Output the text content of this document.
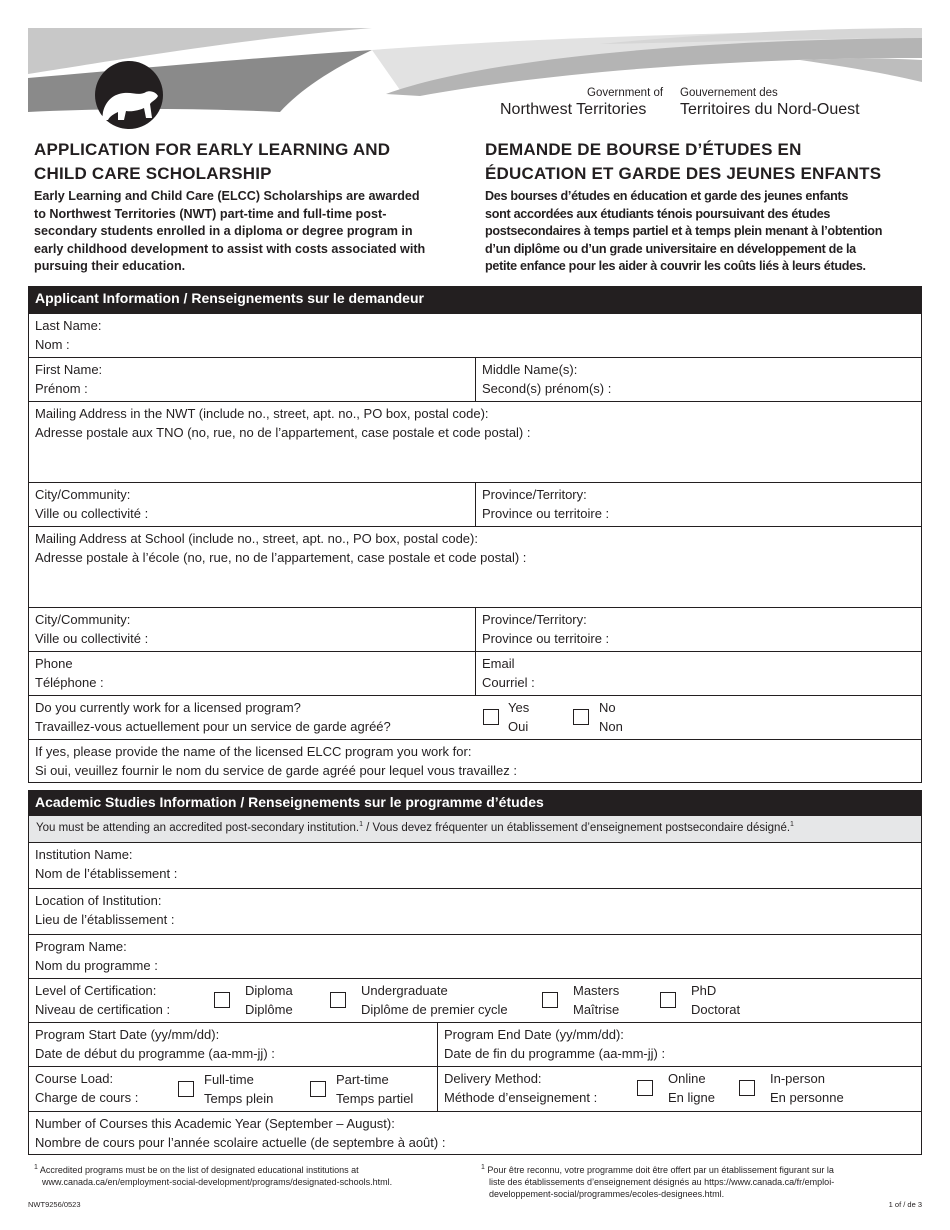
Government of
Northwest Territories
Gouvernement des
Territoires du Nord-Ouest
APPLICATION FOR EARLY LEARNING AND
CHILD CARE SCHOLARSHIP
DEMANDE DE BOURSE D’ÉTUDES EN
ÉDUCATION ET GARDE DES JEUNES ENFANTS
Early Learning and Child Care (ELCC) Scholarships are awarded
to Northwest Territories (NWT) part-time and full-time post-
secondary students enrolled in a diploma or degree program in
early childhood development to assist with costs associated with
pursuing their education.
Des bourses d’études en éducation et garde des jeunes enfants
sont accordées aux étudiants ténois poursuivant des études
postsecondaires à temps partiel et à temps plein menant à l’obtention
d’un diplôme ou d’un grade universitaire en développement de la
petite enfance pour les aider à couvrir les coûts liés à leurs études.
Applicant Information / Renseignements sur le demandeur
Last Name:
Nom :
First Name:
Prénom :
Middle Name(s):
Second(s) prénom(s) :
Mailing Address in the NWT (include no., street, apt. no., PO box, postal code):
Adresse postale aux TNO (no, rue, no de l’appartement, case postale et code postal) :
City/Community:
Ville ou collectivité :
Province/Territory:
Province ou territoire :
Mailing Address at School (include no., street, apt. no., PO box, postal code):
Adresse postale à l’école (no, rue, no de l’appartement, case postale et code postal) :
City/Community:
Ville ou collectivité :
Province/Territory:
Province ou territoire :
Phone
Téléphone :
Email
Courriel :
Do you currently work for a licensed program?
Travaillez-vous actuellement pour un service de garde agréé?
Yes
Oui
No
Non
If yes, please provide the name of the licensed ELCC program you work for:
Si oui, veuillez fournir le nom du service de garde agréé pour lequel vous travaillez :
Academic Studies Information / Renseignements sur le programme d’études
You must be attending an accredited post-secondary institution.$^1$ / Vous devez fréquenter un établissement d’enseignement postsecondaire désigné.$^1$
Institution Name:
Nom de l’établissement :
Location of Institution:
Lieu de l’établissement :
Program Name:
Nom du programme :
Level of Certification:
Niveau de certification :
Diploma
Diplôme
Undergraduate
Diplôme de premier cycle
Masters
Maîtrise
PhD
Doctorat
Program Start Date (yy/mm/dd):
Date de début du programme (aa-mm-jj) :
Program End Date (yy/mm/dd):
Date de fin du programme (aa-mm-jj) :
Course Load:
Charge de cours :
Full-time
Temps plein
Part-time
Temps partiel
Delivery Method:
Méthode d’enseignement :
Online
En ligne
In-person
En personne
Number of Courses this Academic Year (September – August):
Nombre de cours pour l’année scolaire actuelle (de septembre à août) :
$^1$ Accredited programs must be on the list of designated educational institutions at
www.canada.ca/en/employment-social-development/programs/designated-schools.html.
$^1$ Pour être reconnu, votre programme doit être offert par un établissement figurant sur la
liste des établissements d’enseignement désignés au https://www.canada.ca/fr/emploi-
developpement-social/programmes/ecoles-designees.html.
NWT9256/0523	1 of / de 3
